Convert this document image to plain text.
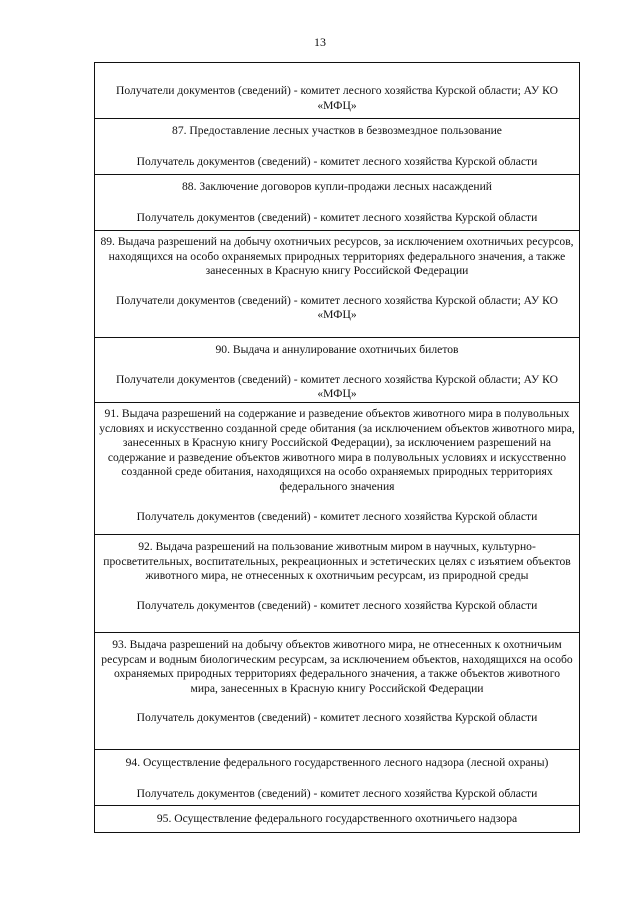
13
Получатели документов (сведений) - комитет лесного хозяйства Курской области; АУ КО «МФЦ»
87. Предоставление лесных участков в безвозмездное пользование
Получатель документов (сведений) - комитет лесного хозяйства Курской области
88. Заключение договоров купли-продажи лесных насаждений
Получатель документов (сведений) - комитет лесного хозяйства Курской области
89. Выдача разрешений на добычу охотничьих ресурсов, за исключением охотничьих ресурсов, находящихся на особо охраняемых природных территориях федерального значения, а также занесенных в Красную книгу Российской Федерации
Получатели документов (сведений) - комитет лесного хозяйства Курской области; АУ КО «МФЦ»
90. Выдача и аннулирование охотничьих билетов
Получатели документов (сведений) - комитет лесного хозяйства Курской области; АУ КО «МФЦ»
91. Выдача разрешений на содержание и разведение объектов животного мира в полувольных условиях и искусственно созданной среде обитания (за исключением объектов животного мира, занесенных в Красную книгу Российской Федерации), за исключением разрешений на содержание и разведение объектов животного мира в полувольных условиях и искусственно созданной среде обитания, находящихся на особо охраняемых природных территориях федерального значения
Получатель документов (сведений) - комитет лесного хозяйства Курской области
92. Выдача разрешений на пользование животным миром в научных, культурно-просветительных, воспитательных, рекреационных и эстетических целях с изъятием объектов животного мира, не отнесенных к охотничьим ресурсам, из природной среды
Получатель документов (сведений) - комитет лесного хозяйства Курской области
93. Выдача разрешений на добычу объектов животного мира, не отнесенных к охотничьим ресурсам и водным биологическим ресурсам, за исключением объектов, находящихся на особо охраняемых природных территориях федерального значения, а также объектов животного мира, занесенных в Красную книгу Российской Федерации
Получатель документов (сведений) - комитет лесного хозяйства Курской области
94. Осуществление федерального государственного лесного надзора (лесной охраны)
Получатель документов (сведений) - комитет лесного хозяйства Курской области
95. Осуществление федерального государственного охотничьего надзора
